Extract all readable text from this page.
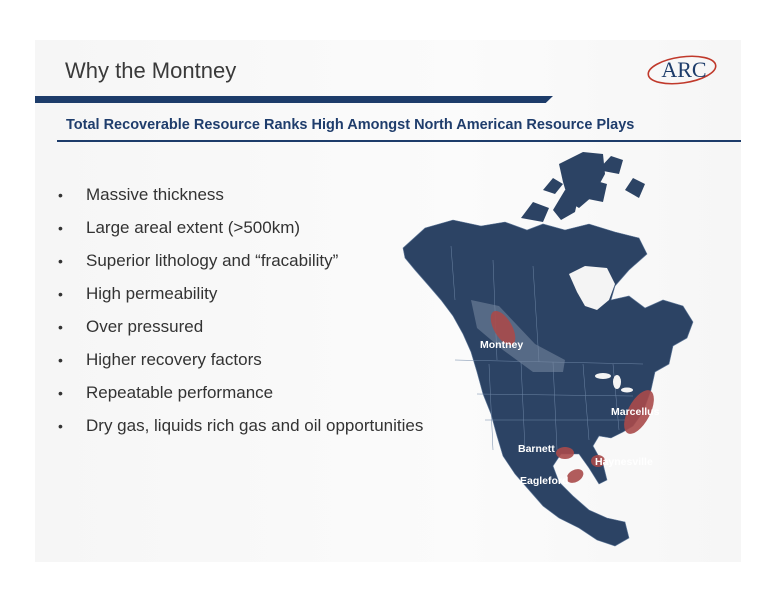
Why the Montney	ARC
Total Recoverable Resource Ranks High Amongst North American Resource Plays
• Massive thickness
• Large areal extent (>500km)
• Superior lithology and “fracability”
• High permeability
• Over pressured
• Higher recovery factors
• Repeatable performance
• Dry gas, liquids rich gas and oil opportunities
Montney
Marcellus
Barnett
Haynesville
Eagleford
